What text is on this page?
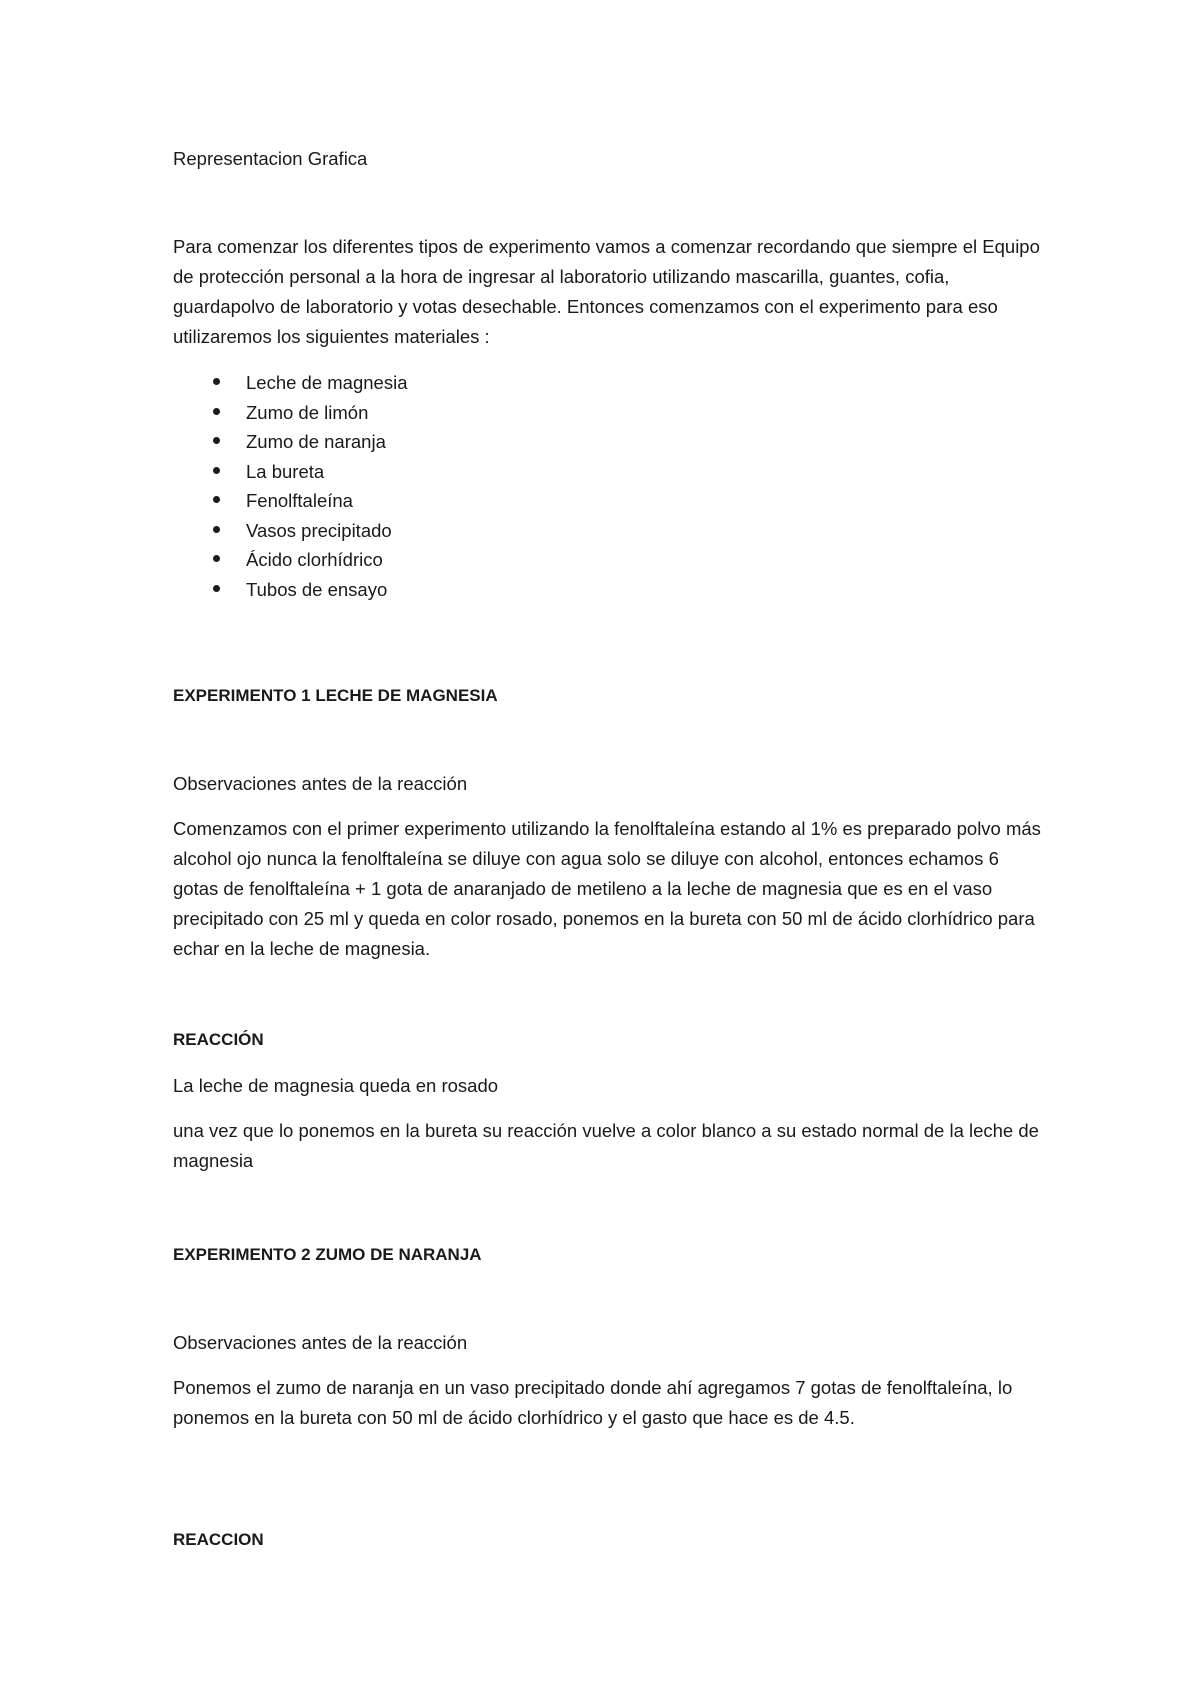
Representacion Grafica

Para comenzar los diferentes tipos de experimento vamos a comenzar recordando que siempre el Equipo de protección personal a la hora de ingresar al laboratorio utilizando mascarilla, guantes, cofia, guardapolvo de laboratorio y votas desechable. Entonces comenzamos con el experimento para eso utilizaremos los siguientes materiales :

Leche de magnesia
Zumo de limón
Zumo de naranja
La bureta
Fenolftaleína
Vasos precipitado
Ácido clorhídrico
Tubos de ensayo

EXPERIMENTO 1 LECHE DE MAGNESIA

Observaciones antes de la reacción

Comenzamos con el primer experimento utilizando la fenolftaleína estando al 1% es preparado polvo más alcohol ojo nunca la fenolftaleína se diluye con agua solo se diluye con alcohol, entonces echamos 6 gotas de fenolftaleína + 1 gota de anaranjado de metileno a la leche de magnesia que es en el vaso precipitado con 25 ml y queda en color rosado, ponemos en la bureta con 50 ml de ácido clorhídrico para echar en la leche de magnesia.

REACCIÓN

La leche de magnesia queda en rosado

una vez que lo ponemos en la bureta su reacción vuelve a color blanco a su estado normal de la leche de magnesia

EXPERIMENTO 2 ZUMO DE NARANJA

Observaciones antes de la reacción

Ponemos el zumo de naranja en un vaso precipitado donde ahí agregamos 7 gotas de fenolftaleína, lo ponemos en la bureta con 50 ml de ácido clorhídrico y el gasto que hace es de 4.5.

REACCION
